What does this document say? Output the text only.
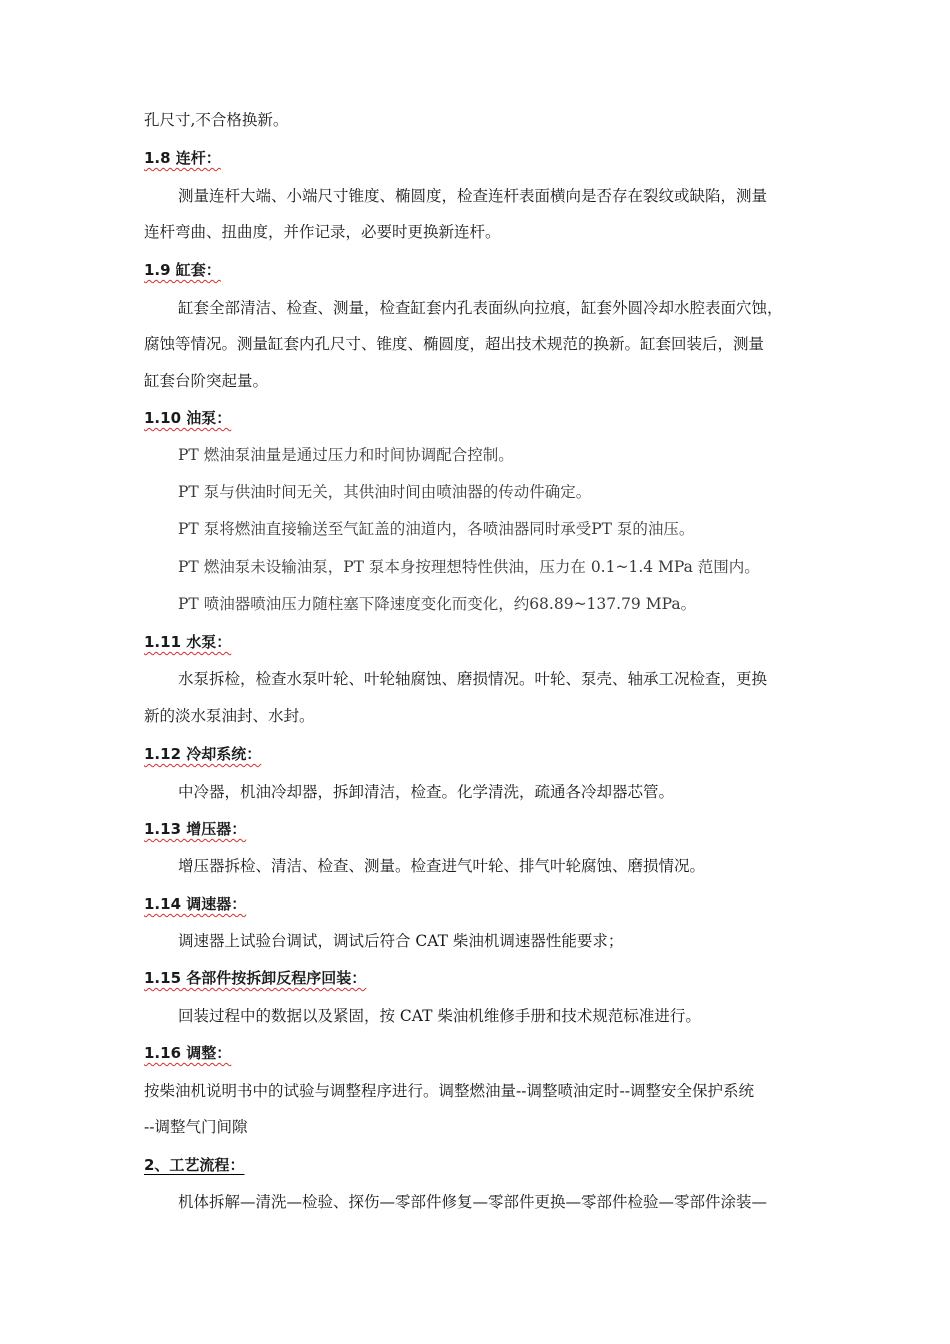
孔尺寸,不合格换新。
1.8 连杆：
测量连杆大端、小端尺寸锥度、椭圆度，检查连杆表面横向是否存在裂纹或缺陷，测量
连杆弯曲、扭曲度，并作记录，必要时更换新连杆。
1.9 缸套：
缸套全部清洁、检查、测量，检查缸套内孔表面纵向拉痕，缸套外圆冷却水腔表面穴蚀，
腐蚀等情况。测量缸套内孔尺寸、锥度、椭圆度，超出技术规范的换新。缸套回装后，测量
缸套台阶突起量。
1.10 油泵：
PT 燃油泵油量是通过压力和时间协调配合控制。
PT 泵与供油时间无关，其供油时间由喷油器的传动件确定。
PT 泵将燃油直接输送至气缸盖的油道内，各喷油器同时承受PT 泵的油压。
PT 燃油泵未设输油泵，PT 泵本身按理想特性供油，压力在 0.1~1.4 MPa 范围内。
PT 喷油器喷油压力随柱塞下降速度变化而变化，约68.89~137.79 MPa。
1.11 水泵：
水泵拆检，检查水泵叶轮、叶轮轴腐蚀、磨损情况。叶轮、泵壳、轴承工况检查，更换
新的淡水泵油封、水封。
1.12 冷却系统：
中冷器，机油冷却器，拆卸清洁，检查。化学清洗，疏通各冷却器芯管。
1.13 增压器：
增压器拆检、清洁、检查、测量。检查进气叶轮、排气叶轮腐蚀、磨损情况。
1.14 调速器：
调速器上试验台调试，调试后符合 CAT 柴油机调速器性能要求；
1.15 各部件按拆卸反程序回装：
回装过程中的数据以及紧固，按 CAT 柴油机维修手册和技术规范标准进行。
1.16 调整：
按柴油机说明书中的试验与调整程序进行。调整燃油量--调整喷油定时--调整安全保护系统
--调整气门间隙
2、工艺流程：
机体拆解—清洗—检验、探伤—零部件修复—零部件更换—零部件检验—零部件涂装—
